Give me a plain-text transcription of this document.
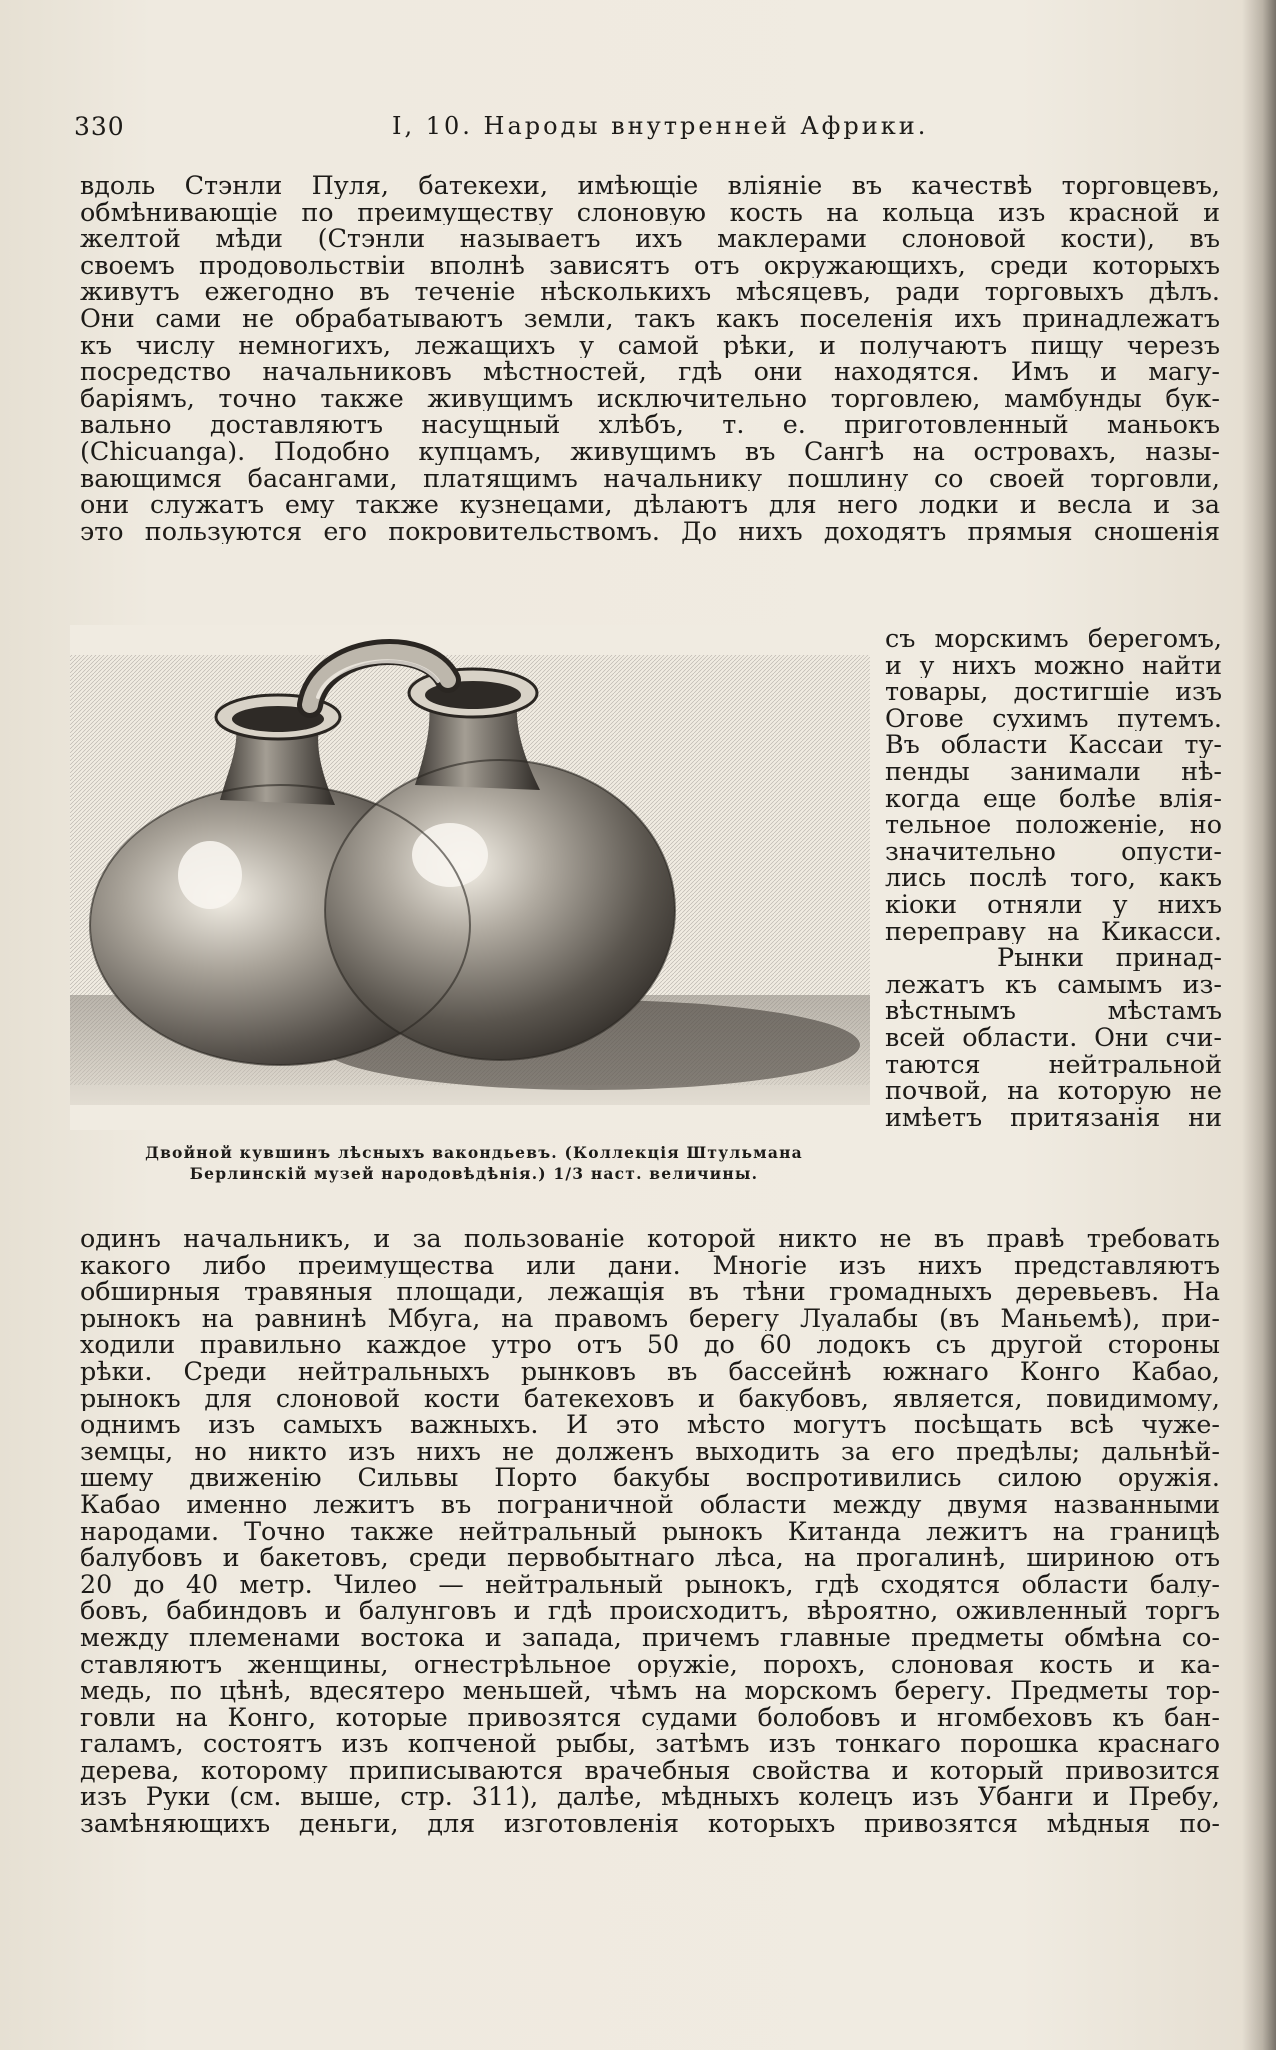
330	I, 10. Народы внутренней Африки.
вдоль Стэнли Пуля, батекехи, имѣющіе вліяніе въ качествѣ торговцевъ,
обмѣнивающіе по преимуществу слоновую кость на кольца изъ красной и
желтой мѣди (Стэнли называетъ ихъ маклерами слоновой кости), въ
своемъ продовольствіи вполнѣ зависятъ отъ окружающихъ, среди которыхъ
живутъ ежегодно въ теченіе нѣсколькихъ мѣсяцевъ, ради торговыхъ дѣлъ.
Они сами не обрабатываютъ земли, такъ какъ поселенія ихъ принадлежатъ
къ числу немногихъ, лежащихъ у самой рѣки, и получаютъ пищу черезъ
посредство начальниковъ мѣстностей, гдѣ они находятся. Имъ и магу-
баріямъ, точно также живущимъ исключительно торговлею, мамбунды бук-
вально доставляютъ насущный хлѣбъ, т. е. приготовленный маньокъ
(Chicuanga). Подобно купцамъ, живущимъ въ Сангѣ на островахъ, назы-
вающимся басангами, платящимъ начальнику пошлину со своей торговли,
они служатъ ему также кузнецами, дѣлаютъ для него лодки и весла и за
это пользуются его покровительствомъ. До нихъ доходятъ прямыя сношенія
Двойной кувшинъ лѣсныхъ вакондьевъ. (Коллекція Штульмана
Берлинскій музей народовѣдѣнія.) 1/3 наст. величины.
съ морскимъ берегомъ,
и у нихъ можно найти
товары, достигшіе изъ
Огове сухимъ путемъ.
Въ области Кассаи ту-
пенды занимали нѣ-
когда еще болѣе влія-
тельное положеніе, но
значительно опусти-
лись послѣ того, какъ
кіоки отняли у нихъ
переправу на Кикасси.
Рынки принад-
лежатъ къ самымъ из-
вѣстнымъ мѣстамъ
всей области. Они счи-
таются нейтральной
почвой, на которую не
имѣетъ притязанія ни
одинъ начальникъ, и за пользованіе которой никто не въ правѣ требовать
какого либо преимущества или дани. Многіе изъ нихъ представляютъ
обширныя травяныя площади, лежащія въ тѣни громадныхъ деревьевъ. На
рынокъ на равнинѣ Мбуга, на правомъ берегу Луалабы (въ Маньемѣ), при-
ходили правильно каждое утро отъ 50 до 60 лодокъ съ другой стороны
рѣки. Среди нейтральныхъ рынковъ въ бассейнѣ южнаго Конго Кабао,
рынокъ для слоновой кости батекеховъ и бакубовъ, является, повидимому,
однимъ изъ самыхъ важныхъ. И это мѣсто могутъ посѣщать всѣ чуже-
земцы, но никто изъ нихъ не долженъ выходить за его предѣлы; дальнѣй-
шему движенію Сильвы Порто бакубы воспротивились силою оружія.
Кабао именно лежитъ въ пограничной области между двумя названными
народами. Точно также нейтральный рынокъ Китанда лежитъ на границѣ
балубовъ и бакетовъ, среди первобытнаго лѣса, на прогалинѣ, шириною отъ
20 до 40 метр. Чилео — нейтральный рынокъ, гдѣ сходятся области балу-
бовъ, бабиндовъ и балунговъ и гдѣ происходитъ, вѣроятно, оживленный торгъ
между племенами востока и запада, причемъ главные предметы обмѣна со-
ставляютъ женщины, огнестрѣльное оружіе, порохъ, слоновая кость и ка-
медь, по цѣнѣ, вдесятеро меньшей, чѣмъ на морскомъ берегу. Предметы тор-
говли на Конго, которые привозятся судами болобовъ и нгомбеховъ къ бан-
галамъ, состоятъ изъ копченой рыбы, затѣмъ изъ тонкаго порошка краснаго
дерева, которому приписываются врачебныя свойства и который привозится
изъ Руки (см. выше, стр. 311), далѣе, мѣдныхъ колецъ изъ Убанги и Пребу,
замѣняющихъ деньги, для изготовленія которыхъ привозятся мѣдныя по-
